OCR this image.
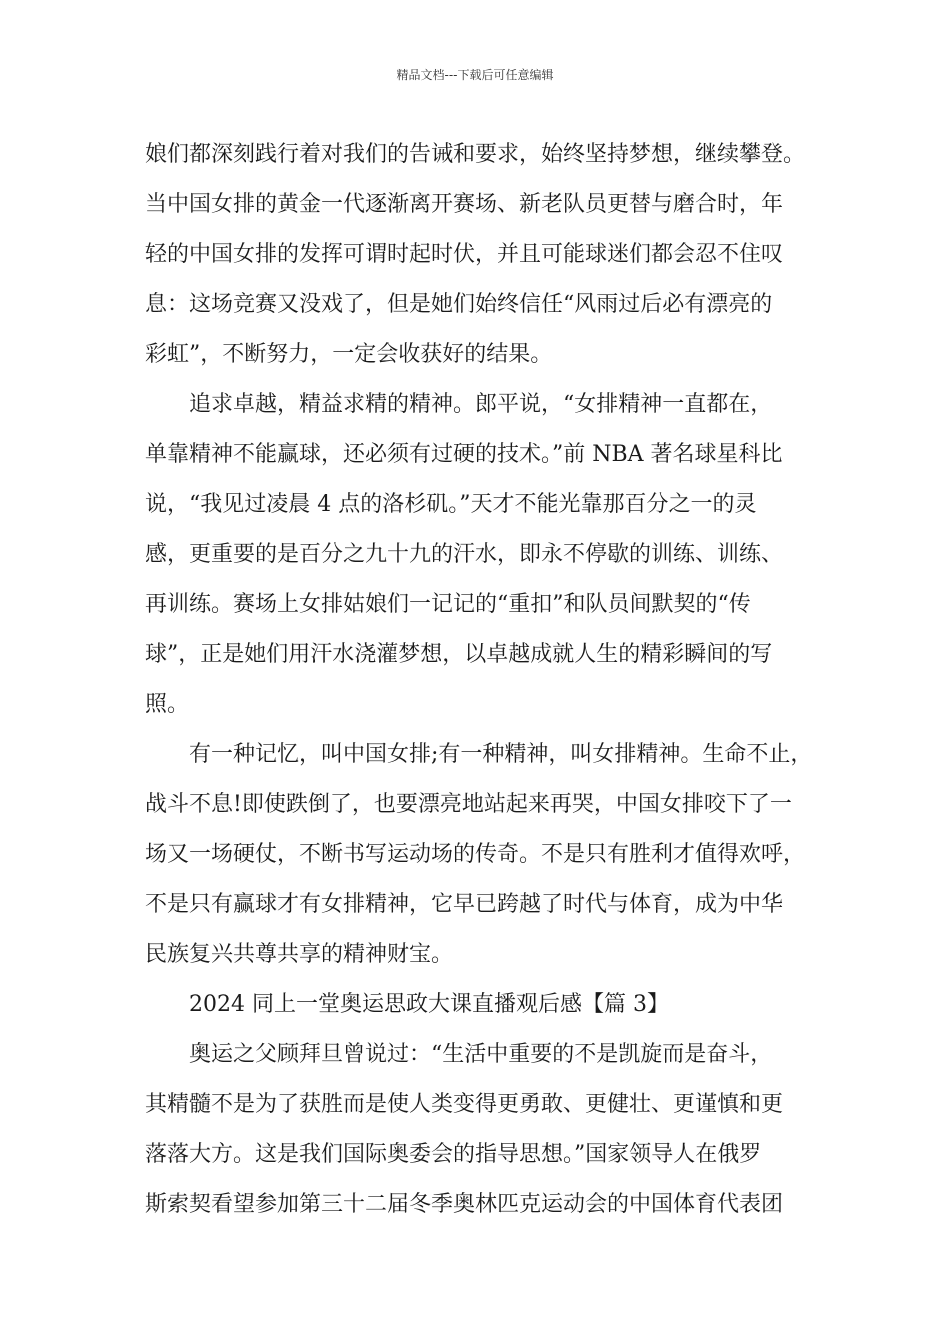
精品文档---下载后可任意编辑
娘们都深刻践行着对我们的告诫和要求，始终坚持梦想，继续攀登。
当中国女排的黄金一代逐渐离开赛场、新老队员更替与磨合时，年
轻的中国女排的发挥可谓时起时伏，并且可能球迷们都会忍不住叹
息：这场竞赛又没戏了，但是她们始终信任“风雨过后必有漂亮的
彩虹”，不断努力，一定会收获好的结果。
追求卓越，精益求精的精神。郎平说，“女排精神一直都在，
单靠精神不能赢球，还必须有过硬的技术。”前 NBA 著名球星科比
说，“我见过凌晨 4 点的洛杉矶。”天才不能光靠那百分之一的灵
感，更重要的是百分之九十九的汗水，即永不停歇的训练、训练、
再训练。赛场上女排姑娘们一记记的“重扣”和队员间默契的“传
球”，正是她们用汗水浇灌梦想，以卓越成就人生的精彩瞬间的写
照。
有一种记忆，叫中国女排;有一种精神，叫女排精神。生命不止，
战斗不息!即使跌倒了，也要漂亮地站起来再哭，中国女排咬下了一
场又一场硬仗，不断书写运动场的传奇。不是只有胜利才值得欢呼，
不是只有赢球才有女排精神，它早已跨越了时代与体育，成为中华
民族复兴共尊共享的精神财宝。
2024 同上一堂奥运思政大课直播观后感【篇 3】
奥运之父顾拜旦曾说过：“生活中重要的不是凯旋而是奋斗，
其精髓不是为了获胜而是使人类变得更勇敢、更健壮、更谨慎和更
落落大方。这是我们国际奥委会的指导思想。”国家领导人在俄罗
斯索契看望参加第三十二届冬季奥林匹克运动会的中国体育代表团
